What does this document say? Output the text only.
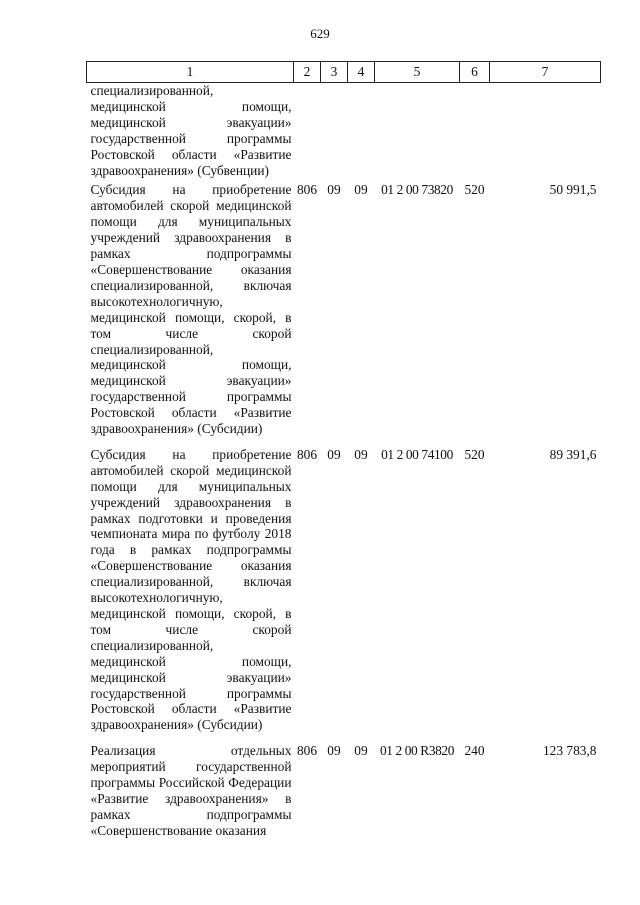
629
1	2	3	4	5	6	7
специализированной, медицинской помощи, медицинской эвакуации» государственной программы Ростовской области «Развитие здравоохранения» (Субвенции)						
Субсидия на приобретение автомобилей скорой медицинской помощи для муниципальных учреждений здравоохранения в рамках подпрограммы «Совершенствование оказания специализированной, включая высокотехнологичную, медицинской помощи, скорой, в том числе скорой специализированной, медицинской помощи, медицинской эвакуации» государственной программы Ростовской области «Развитие здравоохранения» (Субсидии)	806	09	09	01 2 00 73820	520	50 991,5
Субсидия на приобретение автомобилей скорой медицинской помощи для муниципальных учреждений здравоохранения в рамках подготовки и проведения чемпионата мира по футболу 2018 года в рамках подпрограммы «Совершенствование оказания специализированной, включая высокотехнологичную, медицинской помощи, скорой, в том числе скорой специализированной, медицинской помощи, медицинской эвакуации» государственной программы Ростовской области «Развитие здравоохранения» (Субсидии)	806	09	09	01 2 00 74100	520	89 391,6
Реализация отдельных мероприятий государственной программы Российской Федерации «Развитие здравоохранения» в рамках подпрограммы «Совершенствование оказания	806	09	09	01 2 00 R3820	240	123 783,8
